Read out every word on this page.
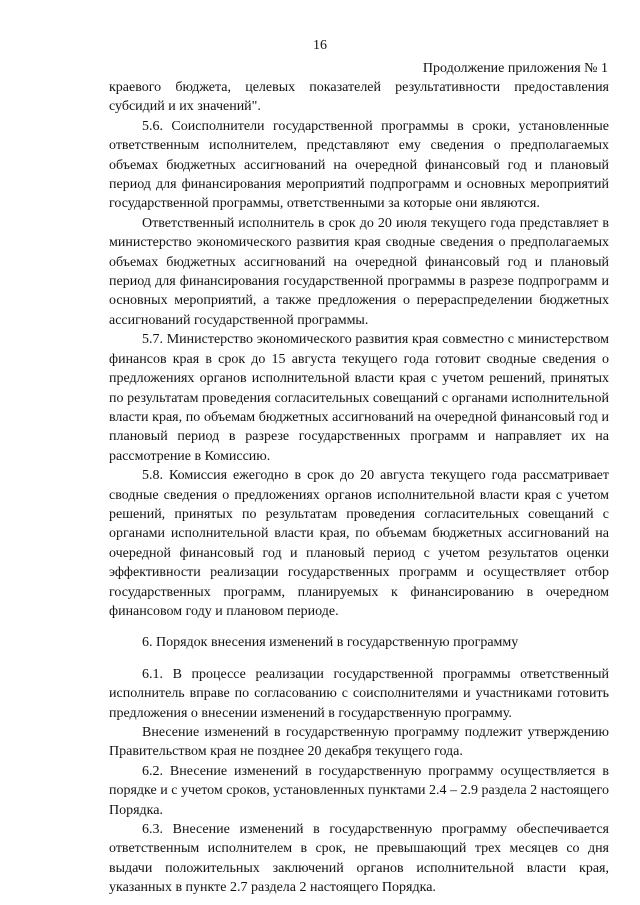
16
Продолжение приложения № 1

краевого бюджета, целевых показателей результативности предоставления субсидий и их значений".

5.6. Соисполнители государственной программы в сроки, установленные ответственным исполнителем, представляют ему сведения о предполагаемых объемах бюджетных ассигнований на очередной финансовый год и плановый период для финансирования мероприятий подпрограмм и основных мероприятий государственной программы, ответственными за которые они являются.

Ответственный исполнитель в срок до 20 июля текущего года представляет в министерство экономического развития края сводные сведения о предполагаемых объемах бюджетных ассигнований на очередной финансовый год и плановый период для финансирования государственной программы в разрезе подпрограмм и основных мероприятий, а также предложения о перераспределении бюджетных ассигнований государственной программы.

5.7. Министерство экономического развития края совместно с министерством финансов края в срок до 15 августа текущего года готовит сводные сведения о предложениях органов исполнительной власти края с учетом решений, принятых по результатам проведения согласительных совещаний с органами исполнительной власти края, по объемам бюджетных ассигнований на очередной финансовый год и плановый период в разрезе государственных программ и направляет их на рассмотрение в Комиссию.

5.8. Комиссия ежегодно в срок до 20 августа текущего года рассматривает сводные сведения о предложениях органов исполнительной власти края с учетом решений, принятых по результатам проведения согласительных совещаний с органами исполнительной власти края, по объемам бюджетных ассигнований на очередной финансовый год и плановый период с учетом результатов оценки эффективности реализации государственных программ и осуществляет отбор государственных программ, планируемых к финансированию в очередном финансовом году и плановом периоде.

6. Порядок внесения изменений в государственную программу

6.1. В процессе реализации государственной программы ответственный исполнитель вправе по согласованию с соисполнителями и участниками готовить предложения о внесении изменений в государственную программу.

Внесение изменений в государственную программу подлежит утверждению Правительством края не позднее 20 декабря текущего года.

6.2. Внесение изменений в государственную программу осуществляется в порядке и с учетом сроков, установленных пунктами 2.4 – 2.9 раздела 2 настоящего Порядка.

6.3. Внесение изменений в государственную программу обеспечивается ответственным исполнителем в срок, не превышающий трех месяцев со дня выдачи положительных заключений органов исполнительной власти края, указанных в пункте 2.7 раздела 2 настоящего Порядка.
